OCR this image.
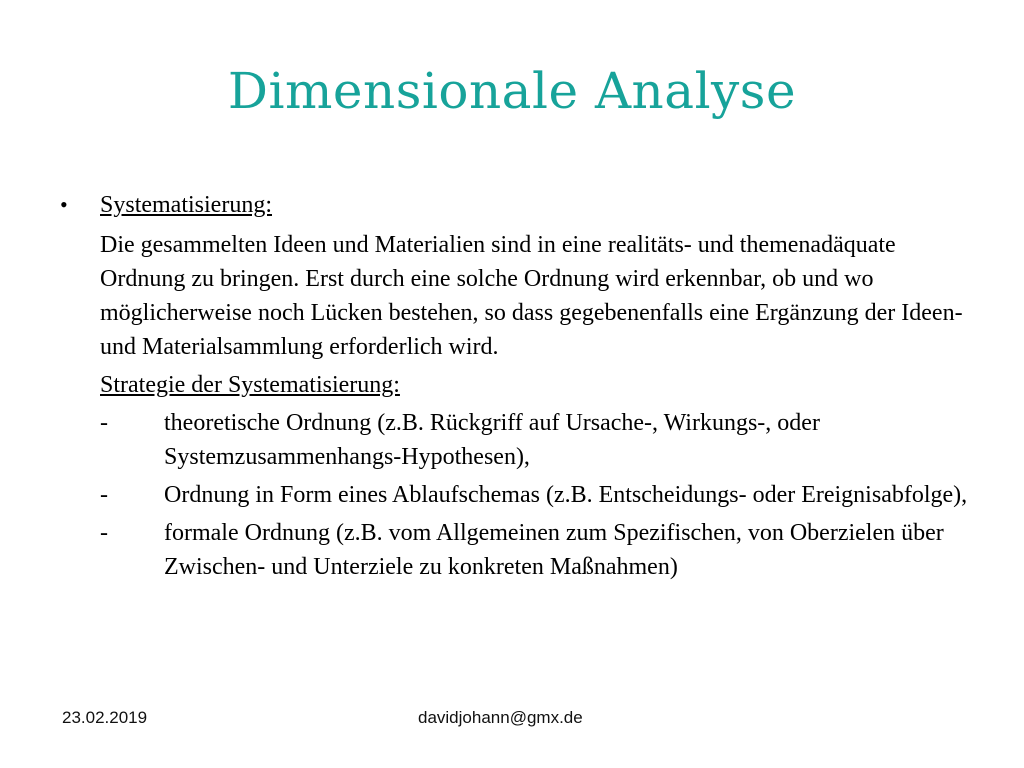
Dimensionale Analyse
•	Systematisierung:
Die gesammelten Ideen und Materialien sind in eine realitäts- und themenadäquate Ordnung zu bringen. Erst durch eine solche Ordnung wird erkennbar, ob und wo möglicherweise noch Lücken bestehen, so dass gegebenenfalls eine Ergänzung der Ideen- und Materialsammlung erforderlich wird.
Strategie der Systematisierung:
-	theoretische Ordnung (z.B. Rückgriff auf Ursache-, Wirkungs-, oder Systemzusammenhangs-Hypothesen),
-	Ordnung in Form eines Ablaufschemas (z.B. Entscheidungs- oder Ereignisabfolge),
-	formale Ordnung (z.B. vom Allgemeinen zum Spezifischen, von Oberzielen über Zwischen- und Unterziele zu konkreten Maßnahmen)
23.02.2019	davidjohann@gmx.de
